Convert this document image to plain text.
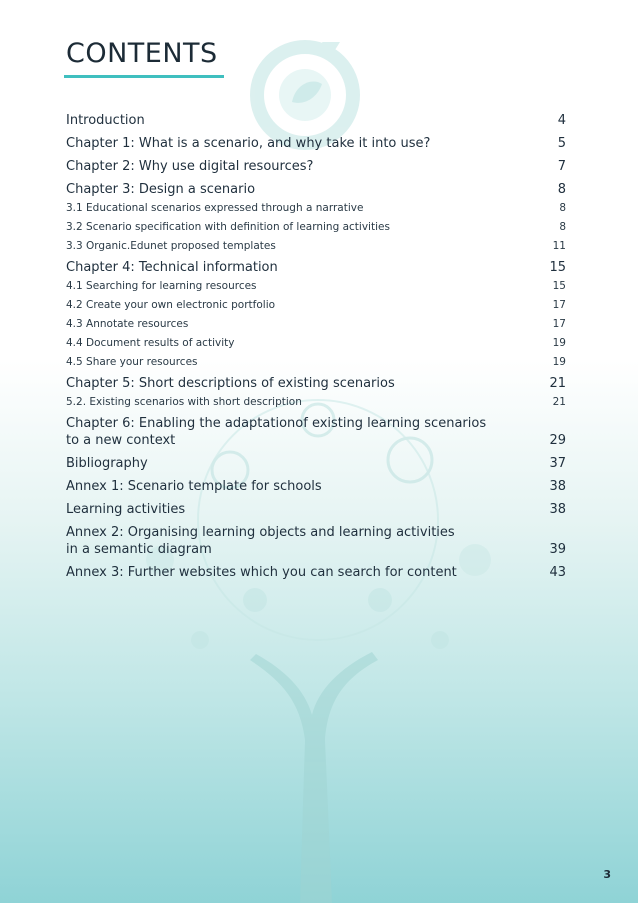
CONTENTS
Introduction	4
Chapter 1: What is a scenario, and why take it into use?	5
Chapter 2: Why use digital resources?	7
Chapter 3: Design a scenario	8
3.1 Educational scenarios expressed through a narrative	8
3.2 Scenario specification with definition of learning activities	8
3.3 Organic.Edunet proposed templates	11
Chapter 4: Technical information	15
4.1 Searching for learning resources	15
4.2 Create your own electronic portfolio	17
4.3 Annotate resources	17
4.4 Document results of activity	19
4.5 Share your resources	19
Chapter 5: Short descriptions of existing scenarios	21
5.2. Existing scenarios with short description	21
Chapter 6: Enabling the adaptationof existing learning scenarios
to a new context	29
Bibliography	37
Annex 1: Scenario template for schools	38
Learning activities	38
Annex 2: Organising learning objects and learning activities
in a semantic diagram	39
Annex 3: Further websites which you can search for content	43
3
